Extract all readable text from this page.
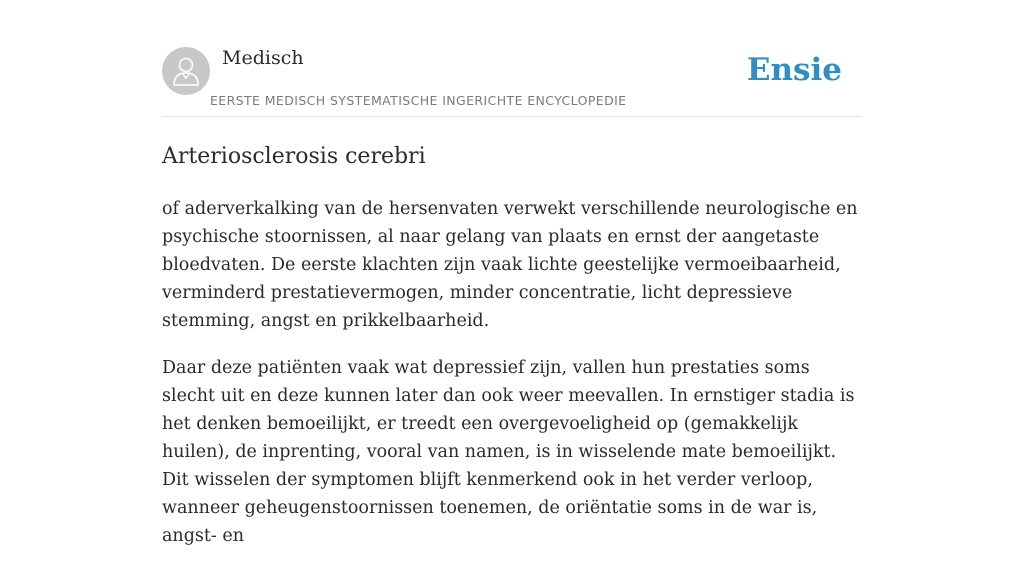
Medisch
EERSTE MEDISCH SYSTEMATISCHE INGERICHTE ENCYCLOPEDIE
Ensie
Arteriosclerosis cerebri

of aderverkalking van de hersenvaten verwekt verschillende neurologische en psychische stoornissen, al naar gelang van plaats en ernst der aangetaste bloedvaten. De eerste klachten zijn vaak lichte geestelijke vermoeibaarheid, verminderd prestatievermogen, minder concentratie, licht depressieve stemming, angst en prikkelbaarheid.

Daar deze patiënten vaak wat depressief zijn, vallen hun prestaties soms slecht uit en deze kunnen later dan ook weer meevallen. In ernstiger stadia is het denken bemoeilijkt, er treedt een overgevoeligheid op (gemakkelijk huilen), de inprenting, vooral van namen, is in wisselende mate bemoeilijkt. Dit wisselen der symptomen blijft kenmerkend ook in het verder verloop, wanneer geheugenstoornissen toenemen, de oriëntatie soms in de war is, angst- en
